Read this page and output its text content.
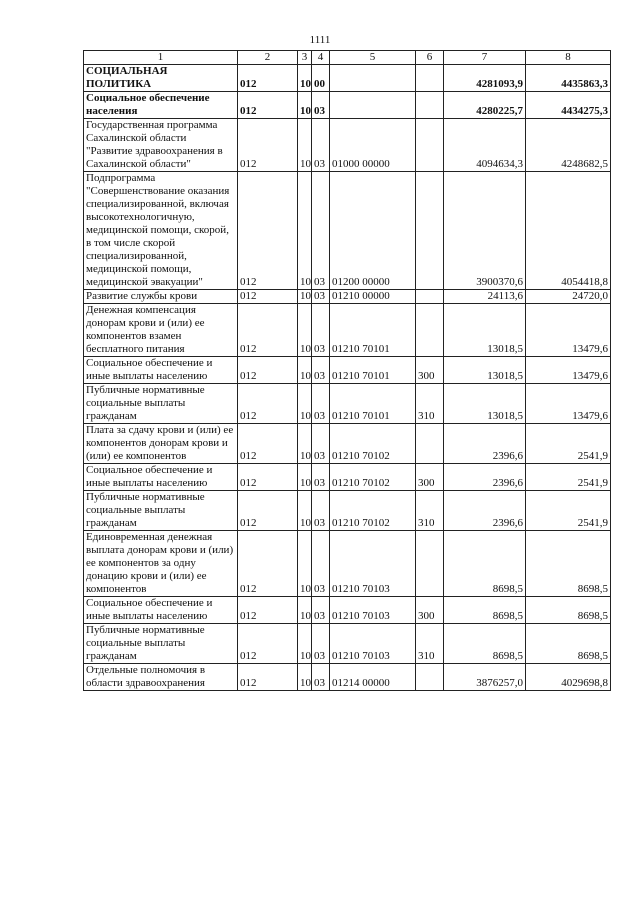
1111
1	2	3	4	5	6	7	8
СОЦИАЛЬНАЯ ПОЛИТИКА	012	10	00			4281093,9	4435863,3
Социальное обеспечение населения	012	10	03			4280225,7	4434275,3
Государственная программа Сахалинской области "Развитие здравоохранения в Сахалинской области"	012	10	03	01000 00000		4094634,3	4248682,5
Подпрограмма "Совершенствование оказания специализированной, включая высокотехнологичную, медицинской помощи, скорой, в том числе скорой специализированной, медицинской помощи, медицинской эвакуации"	012	10	03	01200 00000		3900370,6	4054418,8
Развитие службы крови	012	10	03	01210 00000		24113,6	24720,0
Денежная компенсация донорам крови и (или) ее компонентов взамен бесплатного питания	012	10	03	01210 70101		13018,5	13479,6
Социальное обеспечение и иные выплаты населению	012	10	03	01210 70101	300	13018,5	13479,6
Публичные нормативные социальные выплаты гражданам	012	10	03	01210 70101	310	13018,5	13479,6
Плата за сдачу крови и (или) ее компонентов донорам крови и (или) ее компонентов	012	10	03	01210 70102		2396,6	2541,9
Социальное обеспечение и иные выплаты населению	012	10	03	01210 70102	300	2396,6	2541,9
Публичные нормативные социальные выплаты гражданам	012	10	03	01210 70102	310	2396,6	2541,9
Единовременная денежная выплата донорам крови и (или) ее компонентов за одну донацию крови и (или) ее компонентов	012	10	03	01210 70103		8698,5	8698,5
Социальное обеспечение и иные выплаты населению	012	10	03	01210 70103	300	8698,5	8698,5
Публичные нормативные социальные выплаты гражданам	012	10	03	01210 70103	310	8698,5	8698,5
Отдельные полномочия в области здравоохранения	012	10	03	01214 00000		3876257,0	4029698,8
